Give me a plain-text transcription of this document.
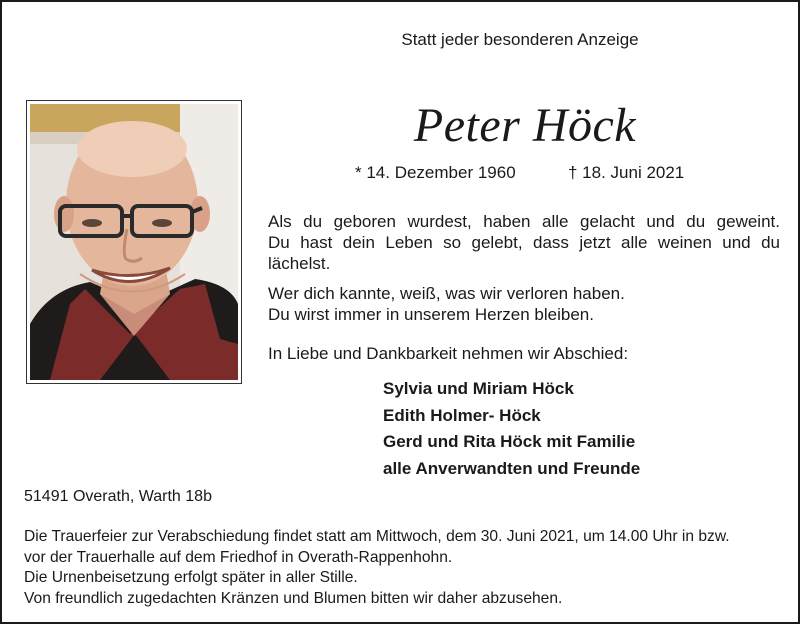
Statt jeder besonderen Anzeige
Peter Höck
* 14. Dezember 1960	† 18. Juni 2021
Als du geboren wurdest, haben alle gelacht und du geweint.
Du hast dein Leben so gelebt, dass jetzt alle weinen und du
lächelst.
Wer dich kannte, weiß, was wir verloren haben.
Du wirst immer in unserem Herzen bleiben.
In Liebe und Dankbarkeit nehmen wir Abschied:
Sylvia und Miriam Höck
Edith Holmer- Höck
Gerd und Rita Höck mit Familie
alle Anverwandten und Freunde
51491 Overath, Warth 18b
Die Trauerfeier zur Verabschiedung findet statt am Mittwoch, dem 30. Juni 2021, um 14.00 Uhr in bzw.
vor der Trauerhalle auf dem Friedhof in Overath-Rappenhohn.
Die Urnenbeisetzung erfolgt später in aller Stille.
Von freundlich zugedachten Kränzen und Blumen bitten wir daher abzusehen.
